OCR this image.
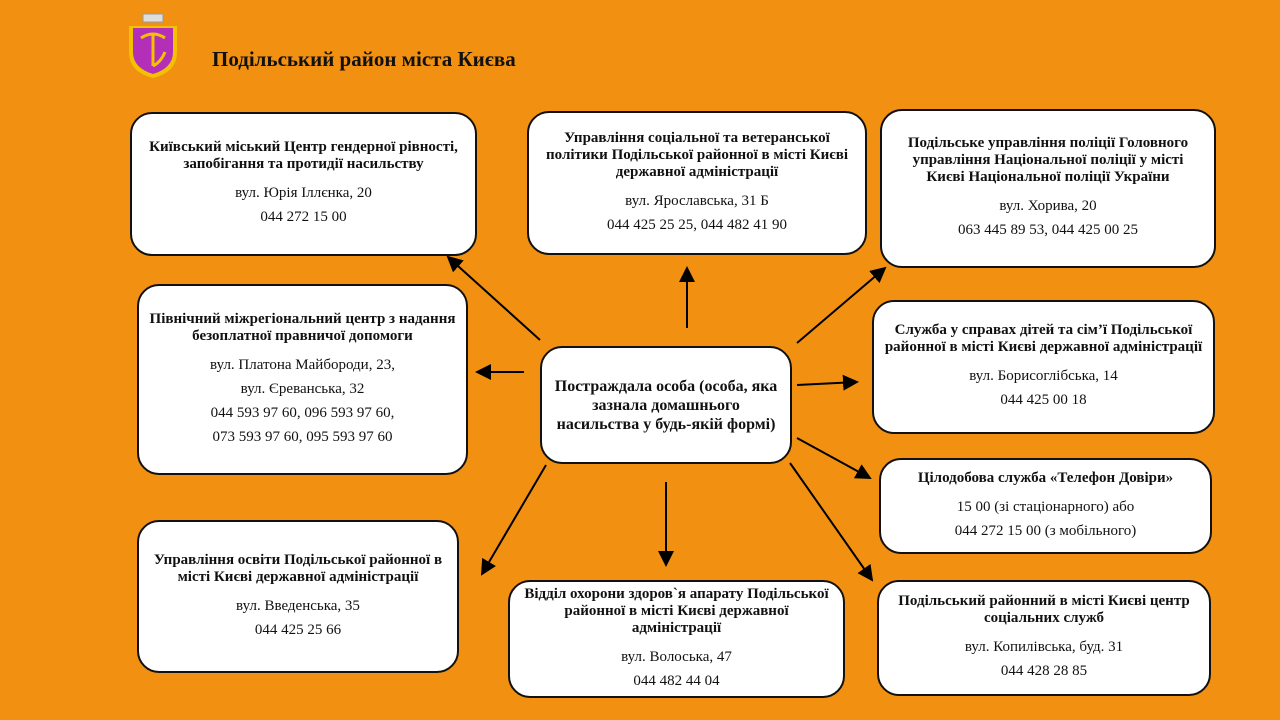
Подільський район міста Києва
Постраждала особа (особа, яка зазнала домашнього насильства у будь-якій формі)
Київський міський Центр гендерної рівності, запобігання та протидії насильству
вул. Юрія Іллєнка, 20
044 272 15 00
Управління соціальної та ветеранської політики Подільської районної в місті Києві державної адміністрації
вул. Ярославська, 31 Б
044 425 25 25, 044 482 41 90
Подільське управління поліції Головного управління Національної поліції у місті Києві Національної поліції України
вул. Хорива, 20
063 445 89 53, 044 425 00 25
Північний міжрегіональний центр з надання безоплатної правничої допомоги
вул. Платона Майбороди, 23,
вул. Єреванська, 32
044 593 97 60, 096 593 97 60,
073 593 97 60, 095 593 97 60
Служба у справах дітей та сім’ї Подільської районної в місті Києві державної адміністрації
вул. Борисоглібська, 14
044 425 00 18
Цілодобова служба «Телефон Довіри»
15 00 (зі стаціонарного) або
044 272 15 00 (з мобільного)
Управління освіти Подільської районної в місті Києві державної адміністрації
вул. Введенська, 35
044 425 25 66
Відділ охорони здоров`я апарату Подільської районної в місті Києві державної адміністрації
вул. Волоська, 47
044 482 44 04
Подільський районний в місті Києві центр соціальних служб
вул. Копилівська, буд. 31
044 428 28 85
